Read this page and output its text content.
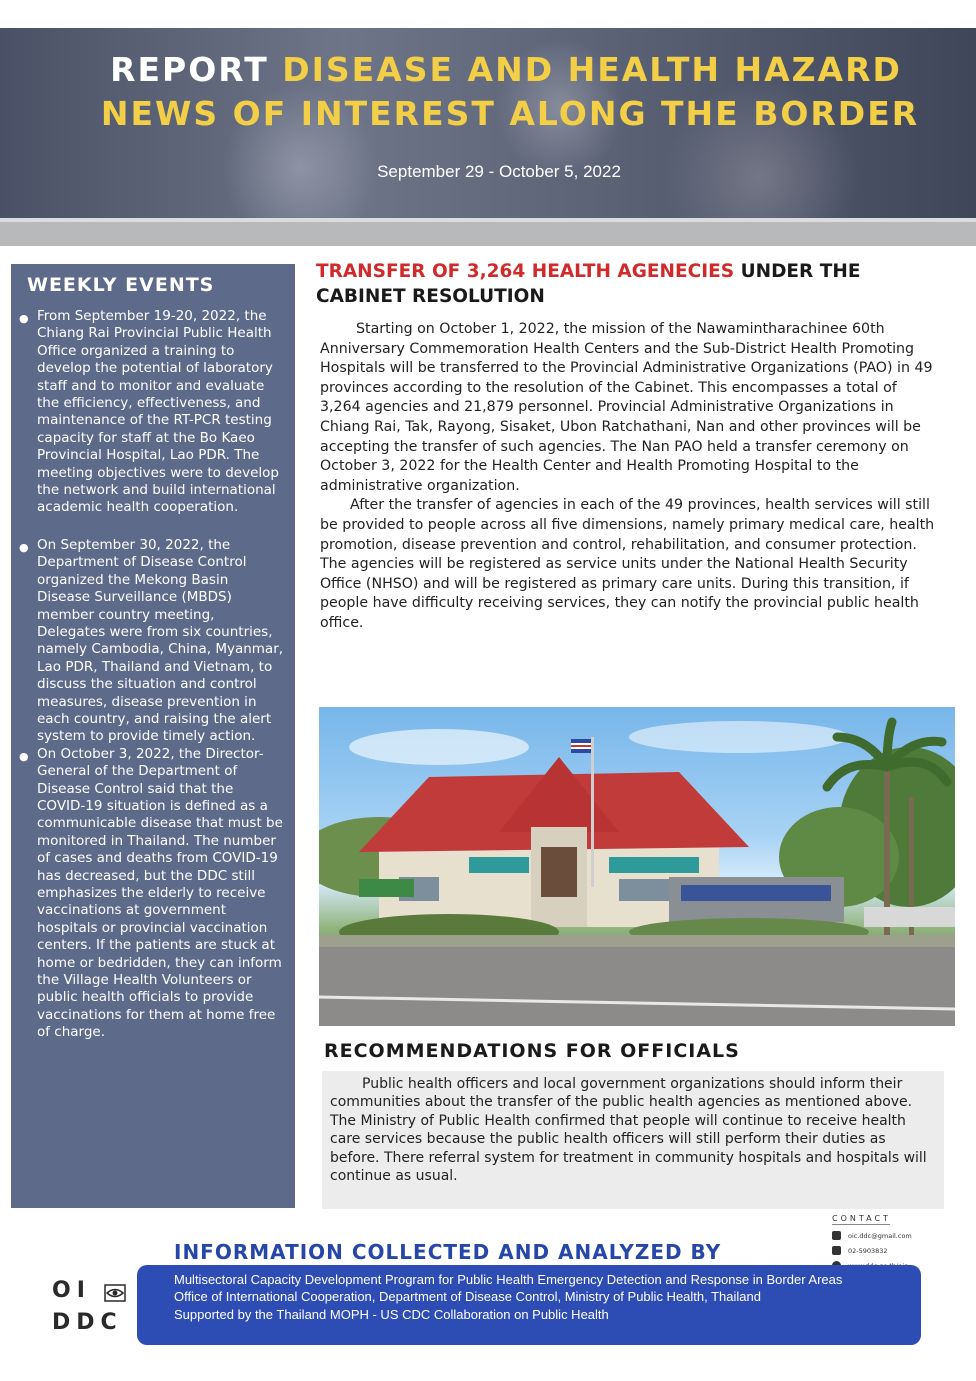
REPORT DISEASE AND HEALTH HAZARD
NEWS OF INTEREST ALONG THE BORDER
September 29 - October 5, 2022
WEEKLY EVENTS
● From September 19-20, 2022, the Chiang Rai Provincial Public Health Office organized a training to develop the potential of laboratory staff and to monitor and evaluate the efficiency, effectiveness, and maintenance of the RT-PCR testing capacity for staff at the Bo Kaeo Provincial Hospital, Lao PDR. The meeting objectives were to develop the network and build international academic health cooperation.
● On September 30, 2022, the Department of Disease Control organized the Mekong Basin Disease Surveillance (MBDS) member country meeting, Delegates were from six countries, namely Cambodia, China, Myanmar, Lao PDR, Thailand and Vietnam, to discuss the situation and control measures, disease prevention in each country, and raising the alert system to provide timely action.
● On October 3, 2022, the Director-General of the Department of Disease Control said that the COVID-19 situation is defined as a communicable disease that must be monitored in Thailand. The number of cases and deaths from COVID-19 has decreased, but the DDC still emphasizes the elderly to receive vaccinations at government hospitals or provincial vaccination centers. If the patients are stuck at home or bedridden, they can inform the Village Health Volunteers or public health officials to provide vaccinations for them at home free of charge.
TRANSFER OF 3,264 HEALTH AGENECIES UNDER THE CABINET RESOLUTION

Starting on October 1, 2022, the mission of the Nawamintharachinee 60th Anniversary Commemoration Health Centers and the Sub-District Health Promoting Hospitals will be transferred to the Provincial Administrative Organizations (PAO) in 49 provinces according to the resolution of the Cabinet. This encompasses a total of 3,264 agencies and 21,879 personnel. Provincial Administrative Organizations in Chiang Rai, Tak, Rayong, Sisaket, Ubon Ratchathani, Nan and other provinces will be accepting the transfer of such agencies. The Nan PAO held a transfer ceremony on October 3, 2022 for the Health Center and Health Promoting Hospital to the administrative organization.

After the transfer of agencies in each of the 49 provinces, health services will still be provided to people across all five dimensions, namely primary medical care, health promotion, disease prevention and control, rehabilitation, and consumer protection. The agencies will be registered as service units under the National Health Security Office (NHSO) and will be registered as primary care units. During this transition, if people have difficulty receiving services, they can notify the provincial public health office.

RECOMMENDATIONS FOR OFFICIALS

Public health officers and local government organizations should inform their communities about the transfer of the public health agencies as mentioned above. The Ministry of Public Health confirmed that people will continue to receive health care services because the public health officers will still perform their duties as before. There referral system for treatment in community hospitals and hospitals will continue as usual.

CONTACT
oic.ddc@gmail.com
02-5903832
INFORMATION COLLECTED AND ANALYZED BY
OI
DDC
Multisectoral Capacity Development Program for Public Health Emergency Detection and Response in Border Areas
Office of International Cooperation, Department of Disease Control, Ministry of Public Health, Thailand
Supported by the Thailand MOPH - US CDC Collaboration on Public Health
